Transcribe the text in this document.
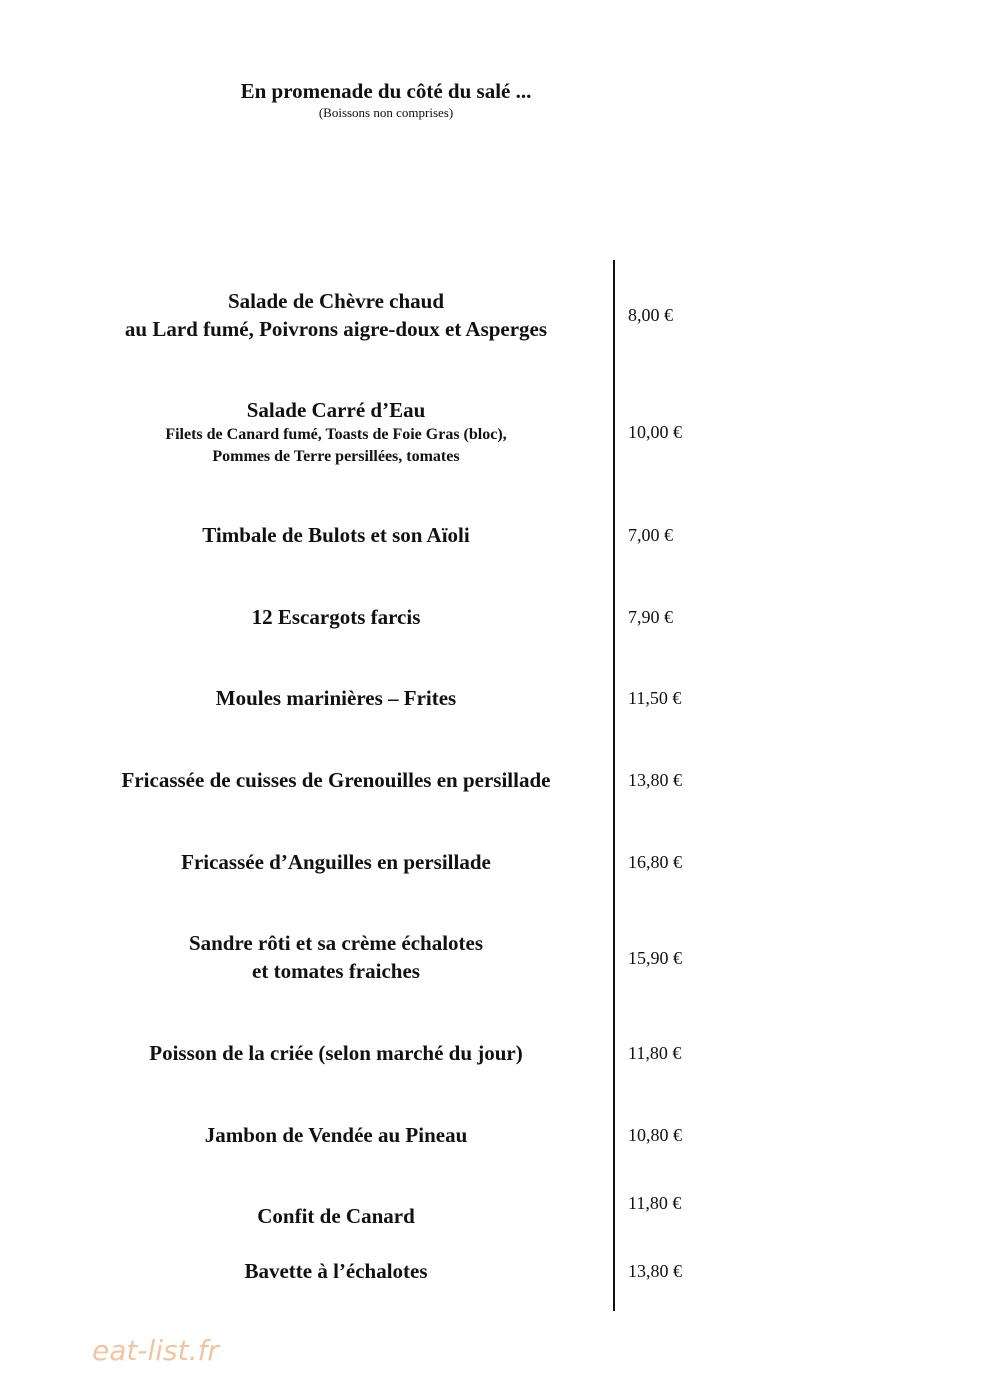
En promenade du côté du salé ...
(Boissons non comprises)
Salade de Chèvre chaud
au Lard fumé, Poivrons aigre-doux et Asperges
8,00 €
Salade Carré d’Eau
Filets de Canard fumé, Toasts de Foie Gras (bloc),
Pommes de Terre persillées, tomates
10,00 €
Timbale de Bulots et son Aïoli	7,00 €
12 Escargots farcis	7,90 €
Moules marinières – Frites	11,50 €
Fricassée de cuisses de Grenouilles en persillade	13,80 €
Fricassée d’Anguilles en persillade	16,80 €
Sandre rôti et sa crème échalotes
et tomates fraiches
15,90 €
Poisson de la criée (selon marché du jour)	11,80 €
Jambon de Vendée au Pineau	10,80 €
Confit de Canard
11,80 €
Bavette à l’échalotes	13,80 €
eat-list.fr
